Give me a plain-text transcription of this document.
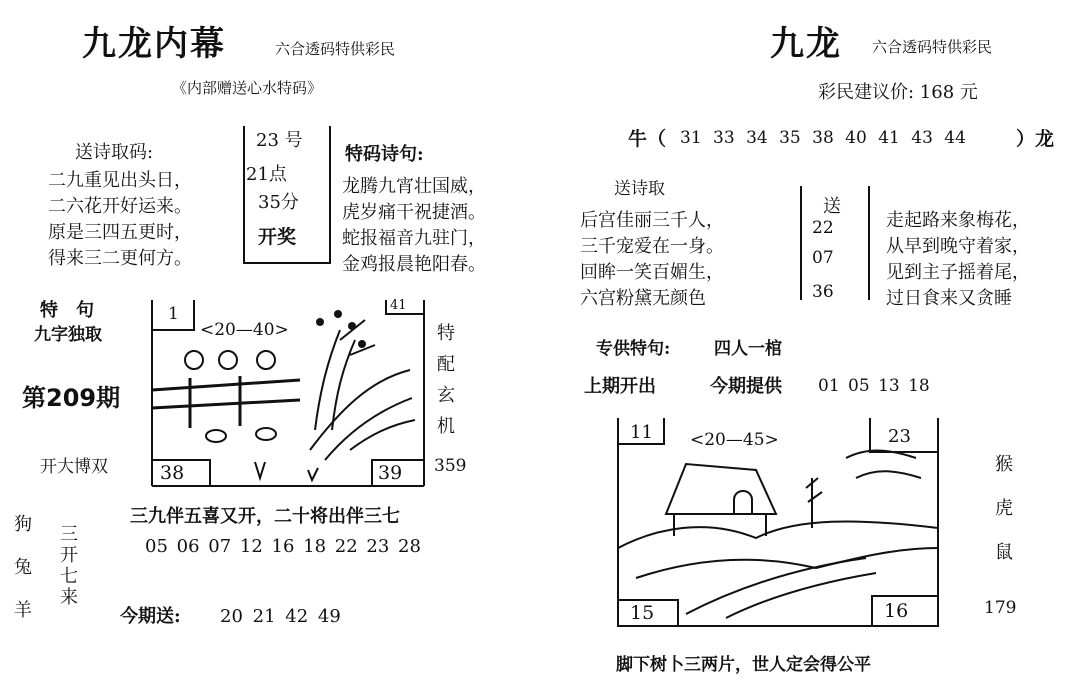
九龙内幕	六合透码特供彩民
《内部赠送心水特码》
送诗取码:
二九重见出头日，
二六花开好运来。
原是三四五更时，
得来三二更何方。
23 号
21点
35分
开奖
特码诗句:
龙腾九宵壮国威，
虎岁痛干祝捷酒。
蛇报福音九驻门，
金鸡报晨艳阳春。
特　句
九字独取
第209期
开大博双
<20—40>
1	41
38	39
特
配
玄
机
359
三九伴五喜又开，二十将出伴三七
05 06 07 12 16 18 22 23 28
狗
兔
羊
三
开
七
来
今期送: 20 21 42 49
九龙 六合透码特供彩民
彩民建议价: 168 元
牛（ 31 33 34 35 38 40 41 43 44	）龙
送诗取
后宫佳丽三千人，
三千宠爱在一身。
回眸一笑百媚生，
六宫粉黛无颜色
送
22
07
36
走起路来象梅花，
从早到晚守着家，
见到主子摇着尾，
过日食来又贪睡
专供特句:	四人一棺
上期开出	今期提供 01 05 13 18
<20—45>
11	23
15	16
猴
虎
鼠
179
脚下树卜三两片，世人定会得公平
